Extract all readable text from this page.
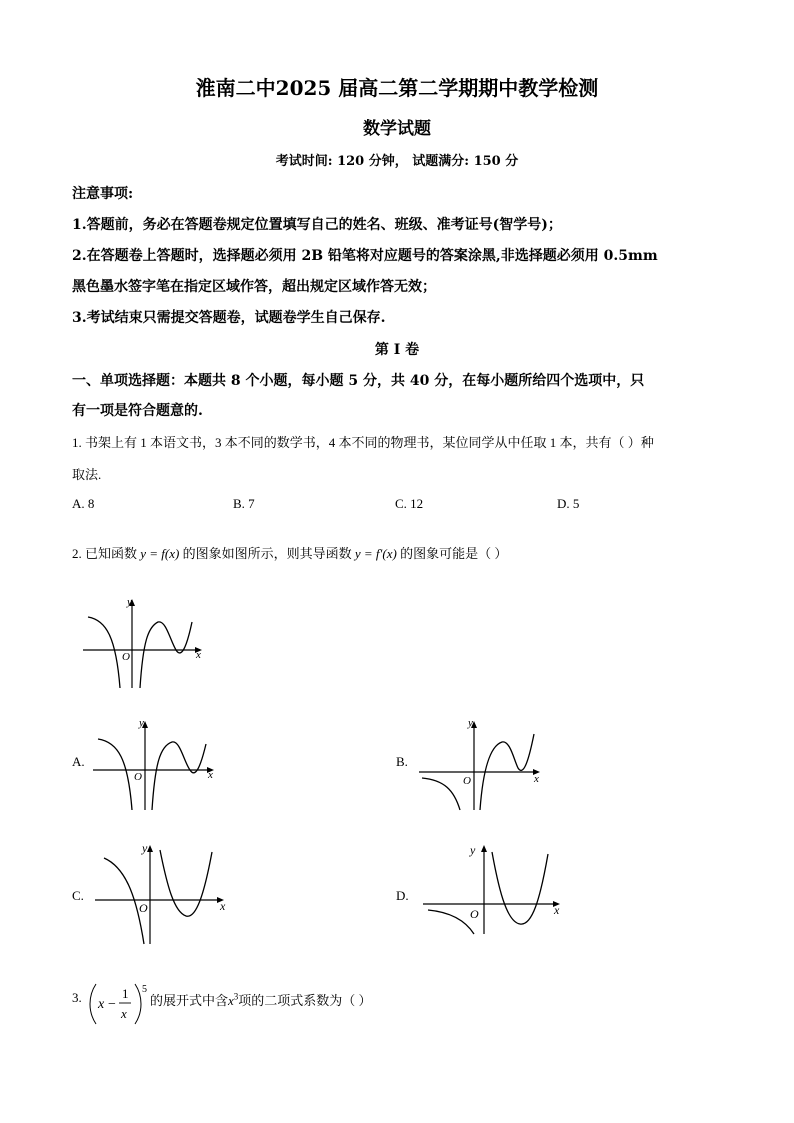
淮南二中2025 届高二第二学期期中教学检测
数学试题
考试时间: 120 分钟， 试题满分: 150 分
注意事项:
1.答题前，务必在答题卷规定位置填写自己的姓名、班级、准考证号(智学号)；
2.在答题卷上答题时，选择题必须用 2B 铅笔将对应题号的答案涂黑,非选择题必须用 0.5mm
黑色墨水签字笔在指定区域作答，超出规定区域作答无效；
3.考试结束只需提交答题卷，试题卷学生自己保存.
第 I 卷
一、单项选择题：本题共 8 个小题，每小题 5 分，共 40 分，在每小题所给四个选项中，只
有一项是符合题意的.
1. 书架上有 1 本语文书，3 本不同的数学书，4 本不同的物理书，某位同学从中任取 1 本，共有（ ）种
取法.
A. 8	B. 7	C. 12	D. 5
2. 已知函数 y = f(x) 的图象如图所示，则其导函数 y = f′(x) 的图象可能是（ ）
y
x
O
A.
y
x
O
B.
y
x
O
C.
y
x
O
D.
y
x
O
3. x −
1
x
5
的展开式中含$x^3$项的二项式系数为（ ）
